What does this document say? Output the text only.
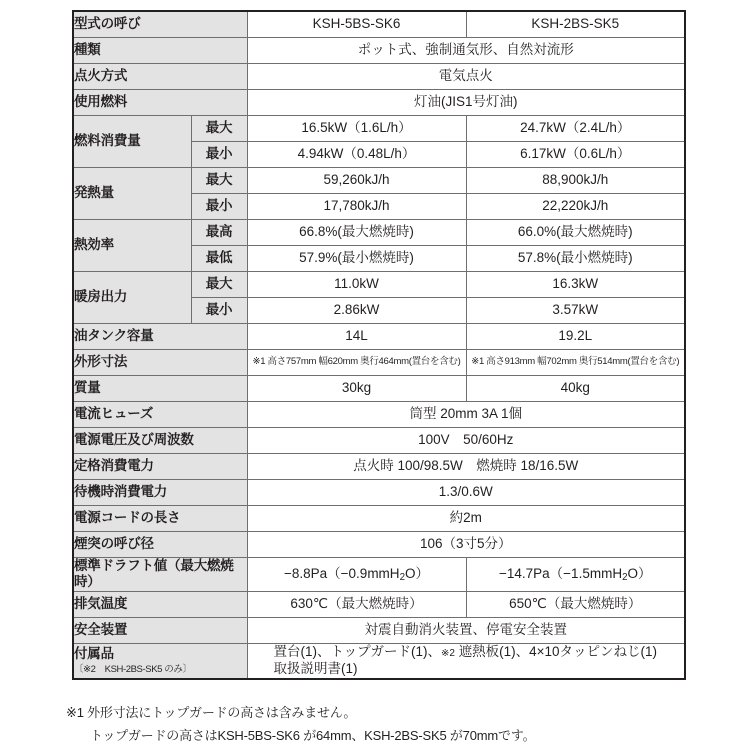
型式の呼び		KSH-5BS-SK6	KSH-2BS-SK5

種類		ポット式、強制通気形、自然対流形	

点火方式		電気点火	

使用燃料		灯油(JIS1号灯油)	

燃料消費量	最大	16.5kW（1.6L/h）	24.7kW（2.4L/h）
	最小	4.94kW（0.48L/h）	6.17kW（0.6L/h）

発熱量	最大	59,260kJ/h	88,900kJ/h
	最小	17,780kJ/h	22,220kJ/h

熱効率	最高	66.8%(最大燃焼時)	66.0%(最大燃焼時)
	最低	57.9%(最小燃焼時)	57.8%(最小燃焼時)

暖房出力	最大	11.0kW	16.3kW
	最小	2.86kW	3.57kW

油タンク容量		14L	19.2L

外形寸法		※1 高さ757mm 幅620mm 奥行464mm(置台を含む)	※1 高さ913mm 幅702mm 奥行514mm(置台を含む)

質量		30kg	40kg

電流ヒューズ		筒型 20mm 3A 1個	

電源電圧及び周波数		100V　50/60Hz	

定格消費電力		点火時 100/98.5W　燃焼時 18/16.5W	

待機時消費電力		1.3/0.6W	

電源コードの長さ		約2m	

煙突の呼び径		106（3寸5分）	

標準ドラフト値（最大燃焼時）		−8.8Pa（−0.9mmH$_2$O）	−14.7Pa（−1.5mmH$_2$O）

排気温度		630℃（最大燃焼時）	650℃（最大燃焼時）

安全装置		対震自動消火装置、停電安全装置	

付属品
〔※2　KSH-2BS-SK5 のみ〕		置台(1)、トップガード(1)、※2 遮熱板(1)、4×10タッピンねじ(1)
取扱説明書(1)	
※1 外形寸法にトップガードの高さは含みません。
トップガードの高さはKSH-5BS-SK6 が64mm、KSH-2BS-SK5 が70mmです。
